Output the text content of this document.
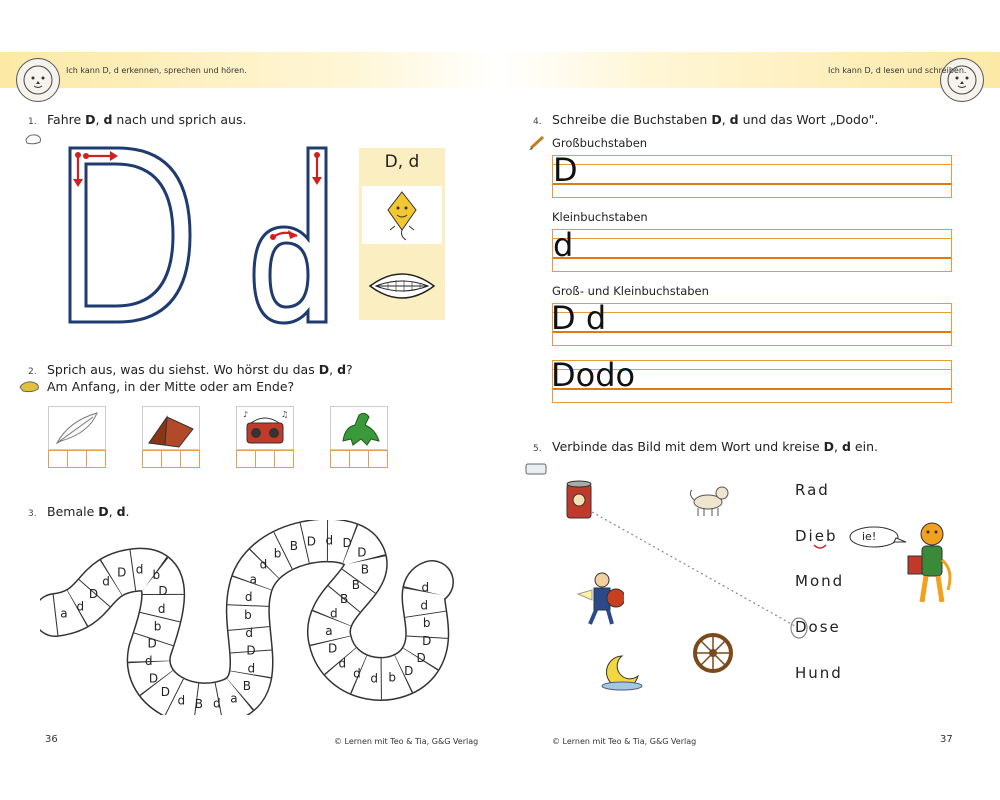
Ich kann D, d erkennen, sprechen und hören.
1. Fahre D, d nach und sprich aus.
D, d
2. Sprich aus, was du siehst. Wo hörst du das D, d?
Am Anfang, in der Mitte oder am Ende?
♪	♫
3. Bemale D, d.
a
d
D
d
D d b
D
d
b
D
d
D
D
d B d a
B
d
D
d
b
d
a
d
b
B D d D
D
B
B
B
d
a
D
d
d d b D
D
D
b
d
d
36	© Lernen mit Teo & Tia, G&G Verlag
Ich kann D, d lesen und schreiben.
4. Schreibe die Buchstaben D, d und das Wort „Dodo".
Großbuchstaben
D
Kleinbuchstaben
d
Groß- und Kleinbuchstaben
D d
Dodo
5. Verbinde das Bild mit dem Wort und kreise D, d ein.
Rad
Dieb
Mond
Dose
Hund
ie!
© Lernen mit Teo & Tia, G&G Verlag	37
